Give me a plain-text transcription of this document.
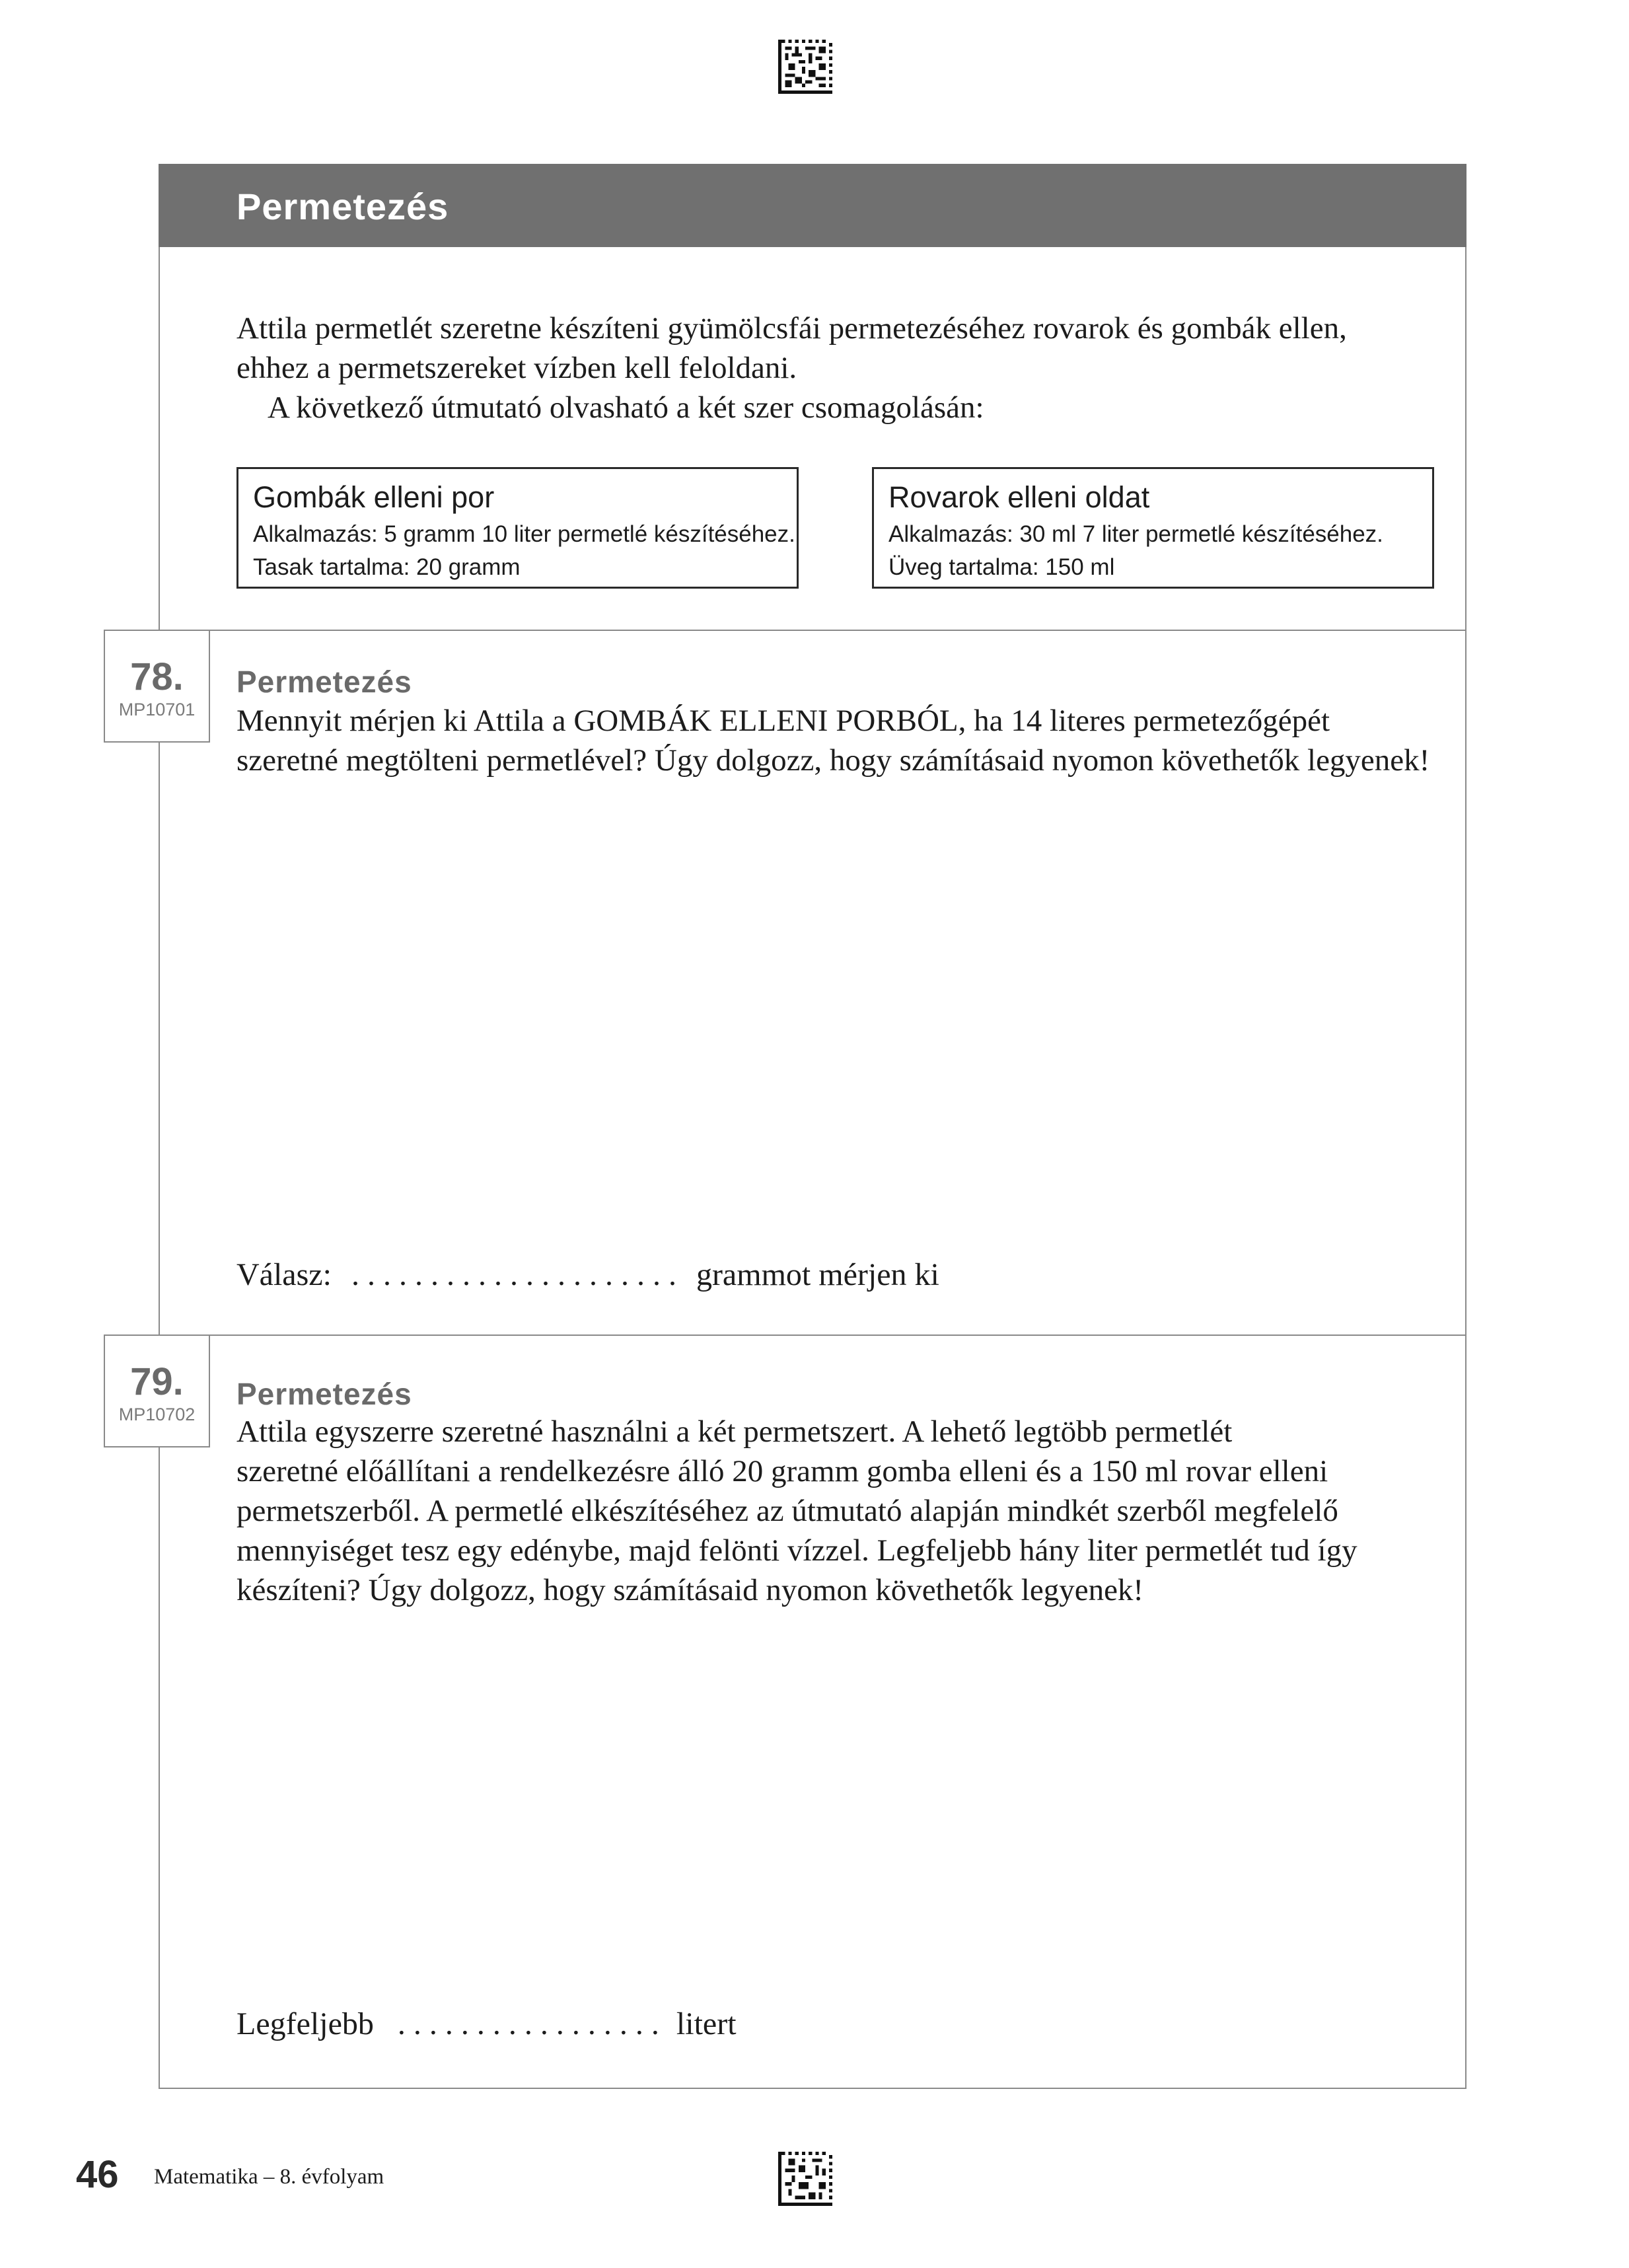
Permetezés
Attila permetlét szeretne készíteni gyümölcsfái permetezéséhez rovarok és gombák ellen,
ehhez a permetszereket vízben kell feloldani.
A következő útmutató olvasható a két szer csomagolásán:
Gombák elleni por
Alkalmazás: 5 gramm 10 liter permetlé készítéséhez.
Tasak tartalma: 20 gramm
Rovarok elleni oldat
Alkalmazás: 30 ml 7 liter permetlé készítéséhez.
Üveg tartalma: 150 ml
78.
MP10701
Permetezés
Mennyit mérjen ki Attila a GOMBÁK ELLENI PORBÓL, ha 14 literes permetezőgépét
szeretné megtölteni permetlével? Úgy dolgozz, hogy számításaid nyomon követhetők legyenek!
Válasz: . . . . . . . . . . . . . . . . . . . . . grammot mérjen ki
79.
MP10702
Permetezés
Attila egyszerre szeretné használni a két permetszert. A lehető legtöbb permetlét
szeretné előállítani a rendelkezésre álló 20 gramm gomba elleni és a 150 ml rovar elleni
permetszerből. A permetlé elkészítéséhez az útmutató alapján mindkét szerből megfelelő
mennyiséget tesz egy edénybe, majd felönti vízzel. Legfeljebb hány liter permetlét tud így
készíteni? Úgy dolgozz, hogy számításaid nyomon követhetők legyenek!
Legfeljebb . . . . . . . . . . . . . . . . . litert
46 Matematika – 8. évfolyam
